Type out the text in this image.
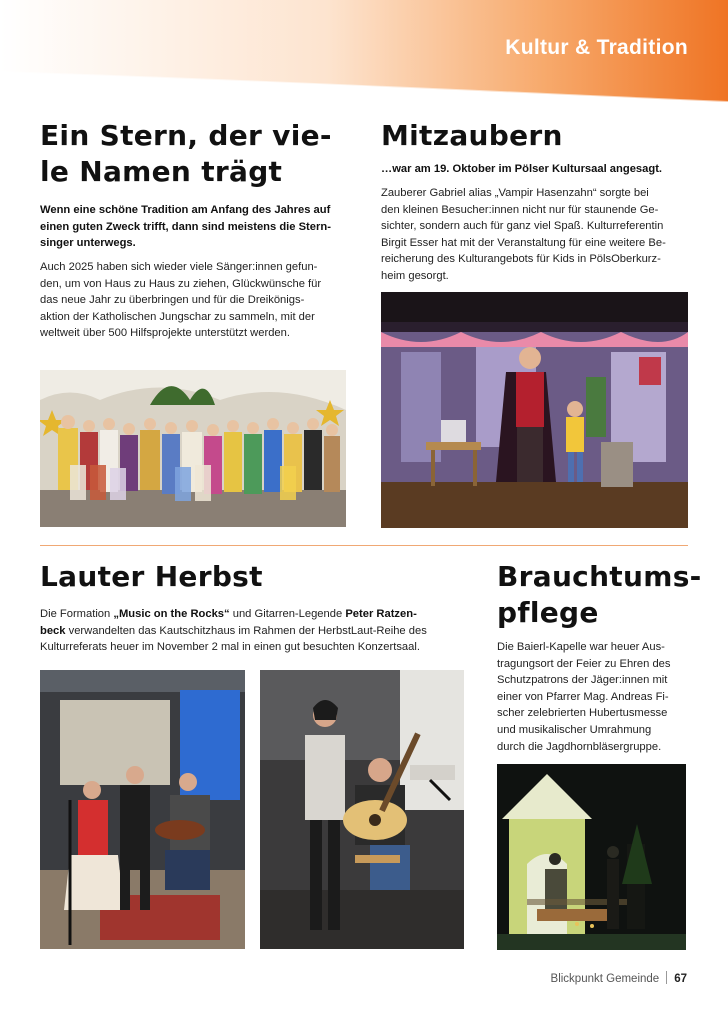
Kultur & Tradition
Ein Stern, der vie-
le Namen trägt
Wenn eine schöne Tradition am Anfang des Jahres auf
einen guten Zweck trifft, dann sind meistens die Stern-
singer unterwegs.
Auch 2025 haben sich wieder viele Sänger:innen gefun-
den, um von Haus zu Haus zu ziehen, Glückwünsche für
das neue Jahr zu überbringen und für die Dreikönigs-
aktion der Katholischen Jungschar zu sammeln, mit der
weltweit über 500 Hilfsprojekte unterstützt werden.
Mitzaubern
…war am 19. Oktober im Pölser Kultursaal angesagt.
Zauberer Gabriel alias „Vampir Hasenzahn“ sorgte bei
den kleinen Besucher:innen nicht nur für staunende Ge-
sichter, sondern auch für ganz viel Spaß. Kulturreferentin
Birgit Esser hat mit der Veranstaltung für eine weitere Be-
reicherung des Kulturangebots für Kids in PölsOberkurz-
heim gesorgt.
Lauter Herbst
Die Formation „Music on the Rocks“ und Gitarren-Legende Peter Ratzen-
beck verwandelten das Kautschitzhaus im Rahmen der HerbstLaut-Reihe des
Kulturreferats heuer im November 2 mal in einen gut besuchten Konzertsaal.
Brauchtums-
pflege
Die Baierl-Kapelle war heuer Aus-
tragungsort der Feier zu Ehren des
Schutzpatrons der Jäger:innen mit
einer von Pfarrer Mag. Andreas Fi-
scher zelebrierten Hubertusmesse
und musikalischer Umrahmung
durch die Jagdhornbläsergruppe.
Blickpunkt Gemeinde 67
